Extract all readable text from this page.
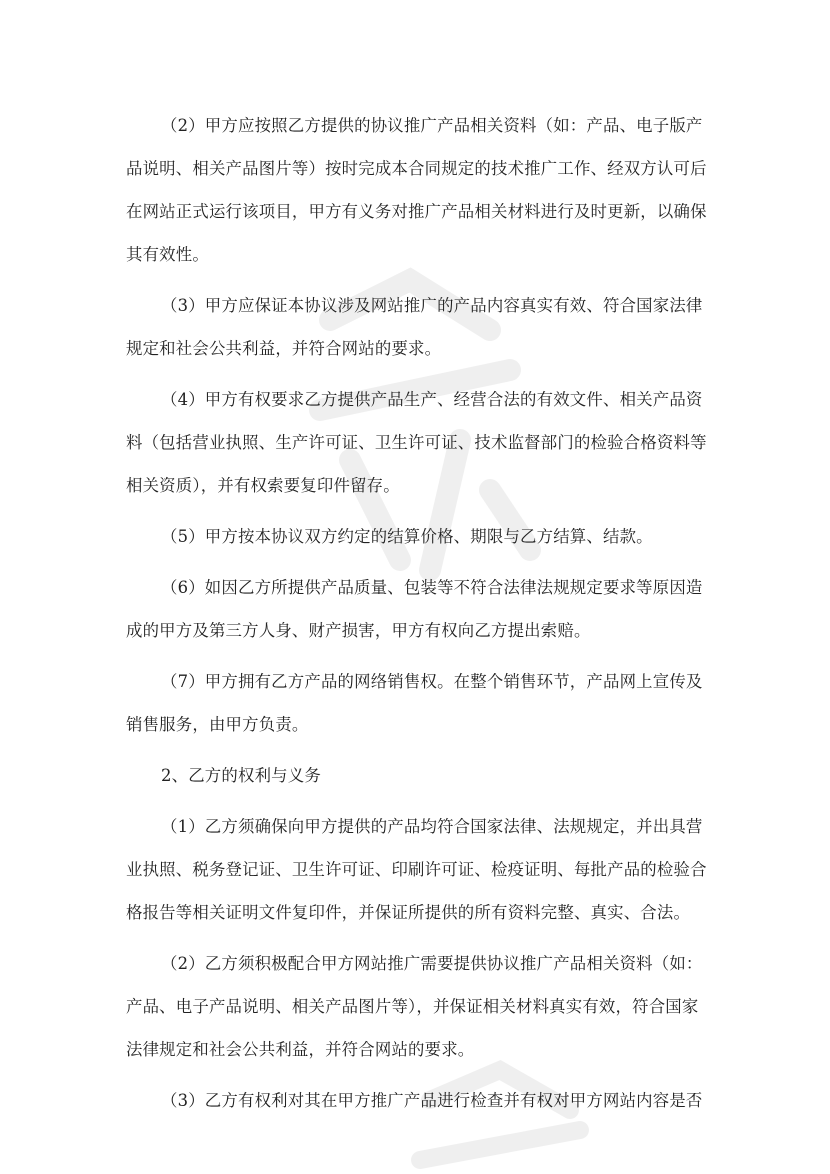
（2）甲方应按照乙方提供的协议推广产品相关资料（如：产品、电子版产
品说明、相关产品图片等）按时完成本合同规定的技术推广工作、经双方认可后
在网站正式运行该项目，甲方有义务对推广产品相关材料进行及时更新，以确保
其有效性。
（3）甲方应保证本协议涉及网站推广的产品内容真实有效、符合国家法律
规定和社会公共利益，并符合网站的要求。
（4）甲方有权要求乙方提供产品生产、经营合法的有效文件、相关产品资
料（包括营业执照、生产许可证、卫生许可证、技术监督部门的检验合格资料等
相关资质），并有权索要复印件留存。
（5）甲方按本协议双方约定的结算价格、期限与乙方结算、结款。
（6）如因乙方所提供产品质量、包装等不符合法律法规规定要求等原因造
成的甲方及第三方人身、财产损害，甲方有权向乙方提出索赔。
（7）甲方拥有乙方产品的网络销售权。在整个销售环节，产品网上宣传及
销售服务，由甲方负责。
2、乙方的权利与义务
（1）乙方须确保向甲方提供的产品均符合国家法律、法规规定，并出具营
业执照、税务登记证、卫生许可证、印刷许可证、检疫证明、每批产品的检验合
格报告等相关证明文件复印件，并保证所提供的所有资料完整、真实、合法。
（2）乙方须积极配合甲方网站推广需要提供协议推广产品相关资料（如：
产品、电子产品说明、相关产品图片等），并保证相关材料真实有效，符合国家
法律规定和社会公共利益，并符合网站的要求。
（3）乙方有权利对其在甲方推广产品进行检查并有权对甲方网站内容是否
